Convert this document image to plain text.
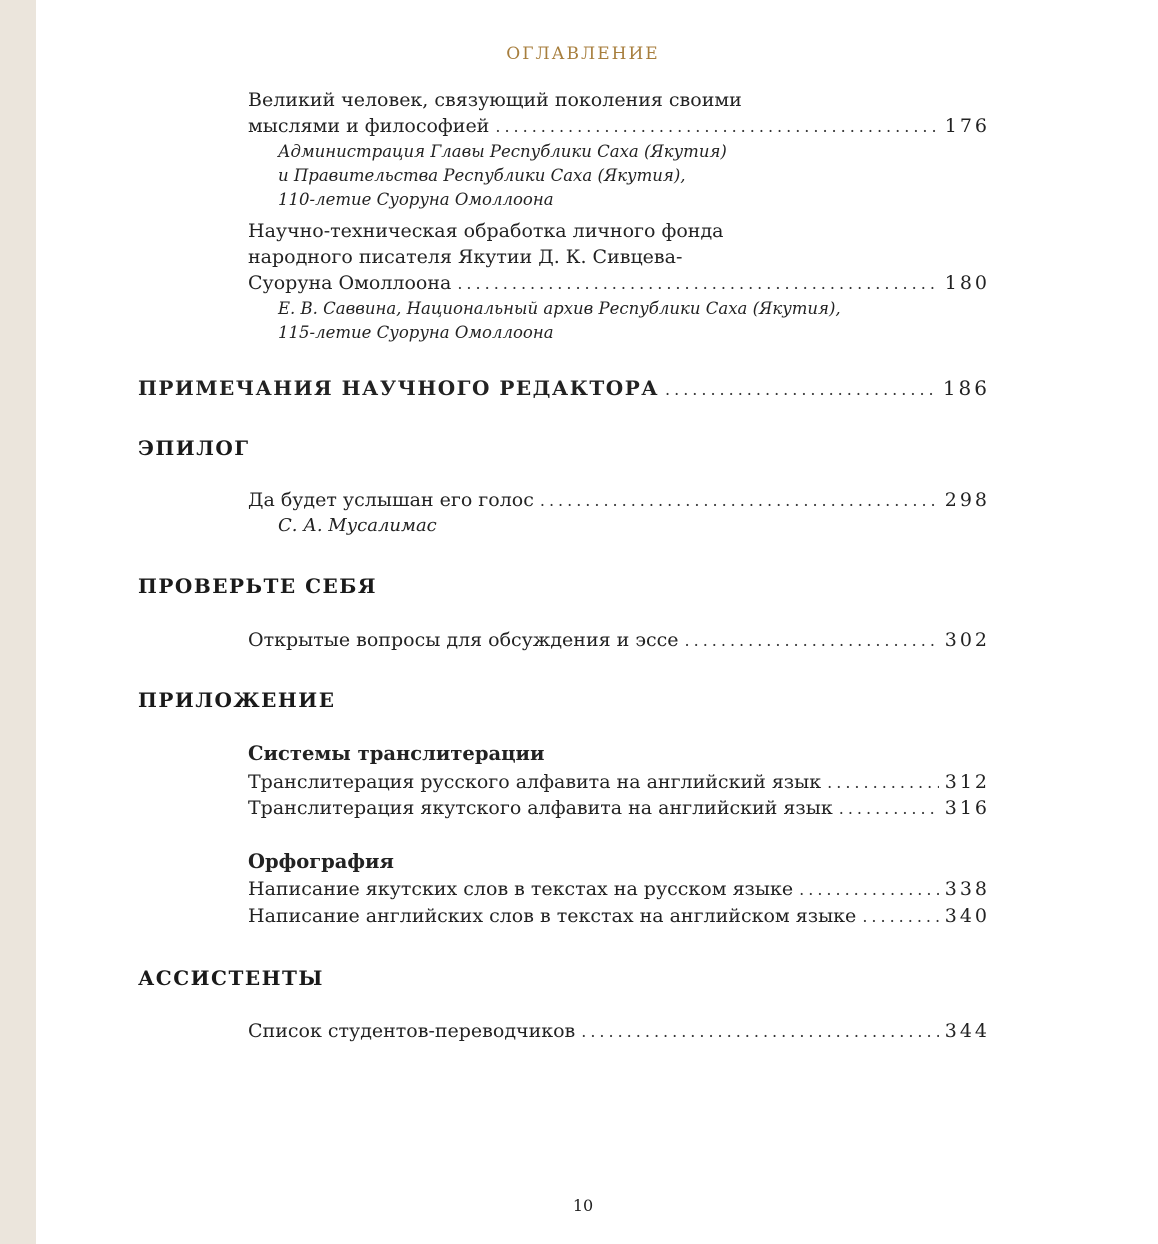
ОГЛАВЛЕНИЕ
Великий человек, связующий поколения своими
мыслями и философией .....	176
Администрация Главы Республики Саха (Якутия)
и Правительства Республики Саха (Якутия),
110-летие Суоруна Омоллоона
Научно-техническая обработка личного фонда
народного писателя Якутии Д. К. Сивцева-
Суоруна Омоллоона .....	180
Е. В. Саввина, Национальный архив Республики Саха (Якутия),
115-летие Суоруна Омоллоона
ПРИМЕЧАНИЯ НАУЧНОГО РЕДАКТОРА .....	186
ЭПИЛОГ
Да будет услышан его голос .....	298
С. А. Мусалимас
ПРОВЕРЬТЕ СЕБЯ
Открытые вопросы для обсуждения и эссе .....	302
ПРИЛОЖЕНИЕ
Системы транслитерации
Транслитерация русского алфавита на английский язык .....	312
Транслитерация якутского алфавита на английский язык .....	316
Орфография
Написание якутских слов в текстах на русском языке .....	338
Написание английских слов в текстах на английском языке .....	340
АССИСТЕНТЫ
Список студентов-переводчиков .....	344
10
